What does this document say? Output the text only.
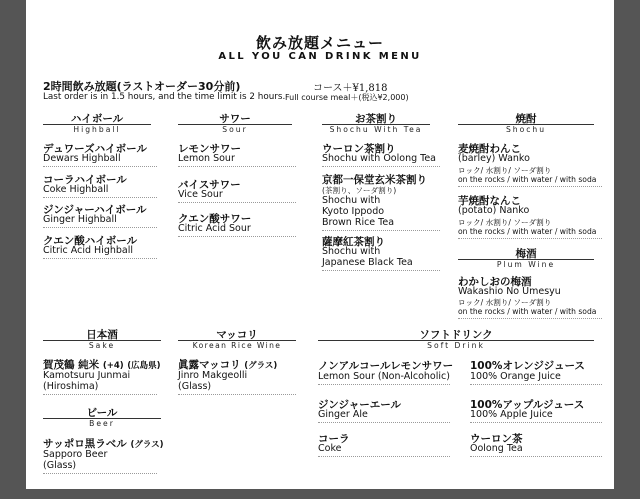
飲み放題メニュー
ALL YOU CAN DRINK MENU
2時間飲み放題(ラストオーダー30分前)
Last order is in 1.5 hours, and the time limit is 2 hours.
コース＋¥1,818
Full course meal＋(税込¥2,000)
ハイボール
Highball
デュワーズハイボール
Dewars Highball
コーラハイボール
Coke Highball
ジンジャーハイボール
Ginger Highball
クエン酸ハイボール
Citric Acid Highball
サワー
Sour
レモンサワー
Lemon Sour
バイスサワー
Vice Sour
クエン酸サワー
Citric Acid Sour
お茶割り
Shochu With Tea
ウーロン茶割り
Shochu with Oolong Tea
京都一保堂玄米茶割り
(茶割り、ソーダ割り)
Shochu with
Kyoto Ippodo
Brown Rice Tea
薩摩紅茶割り
Shochu with
Japanese Black Tea
焼酎
Shochu
麦焼酎わんこ
(barley) Wanko
ロック/ 水割り/ ソーダ割り
on the rocks / with water / with soda
芋焼酎なんこ
(potato) Nanko
ロック/ 水割り/ ソーダ割り
on the rocks / with water / with soda
梅酒
Plum Wine
わかしおの梅酒
Wakashio No Umesyu
ロック/ 水割り/ ソーダ割り
on the rocks / with water / with soda
日本酒
Sake
賀茂鶴 純米 (+4) (広島県)
Kamotsuru Junmai
(Hiroshima)
ビール
Beer
サッポロ黒ラベル (グラス)
Sapporo Beer
(Glass)
マッコリ
Korean Rice Wine
眞露マッコリ (グラス)
Jinro Makgeolli
(Glass)
ソフトドリンク
Soft Drink
ノンアルコールレモンサワー
Lemon Sour (Non-Alcoholic)
ジンジャーエール
Ginger Ale
コーラ
Coke
100%オレンジジュース
100% Orange Juice
100%アップルジュース
100% Apple Juice
ウーロン茶
Oolong Tea
